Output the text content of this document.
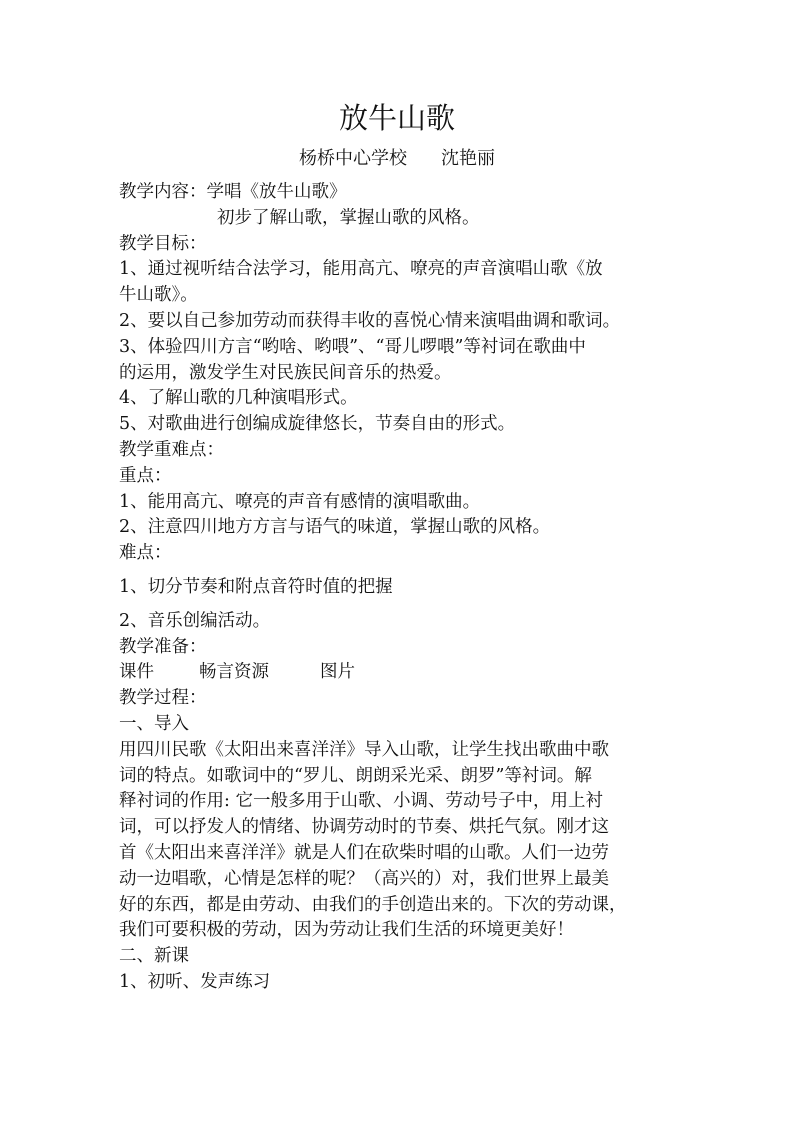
放牛山歌
杨桥中心学校 沈艳丽
教学内容：学唱《放牛山歌》
初步了解山歌，掌握山歌的风格。
教学目标：
1、通过视听结合法学习，能用高亢、嘹亮的声音演唱山歌《放
牛山歌》。
2、要以自己参加劳动而获得丰收的喜悦心情来演唱曲调和歌词。
3、体验四川方言“哟啥、哟喂”、“哥儿啰喂”等衬词在歌曲中
的运用，激发学生对民族民间音乐的热爱。
4、了解山歌的几种演唱形式。
5、对歌曲进行创编成旋律悠长，节奏自由的形式。
教学重难点：
重点：
1、能用高亢、嘹亮的声音有感情的演唱歌曲。
2、注意四川地方方言与语气的味道，掌握山歌的风格。
难点：
1、切分节奏和附点音符时值的把握
2、音乐创编活动。
教学准备：
课件	畅言资源	图片
教学过程：
一、导入
用四川民歌《太阳出来喜洋洋》导入山歌，让学生找出歌曲中歌
词的特点。如歌词中的“罗儿、朗朗采光采、朗罗”等衬词。解
释衬词的作用: 它一般多用于山歌、小调、劳动号子中，用上衬
词，可以抒发人的情绪、协调劳动时的节奏、烘托气氛。刚才这
首《太阳出来喜洋洋》就是人们在砍柴时唱的山歌。人们一边劳
动一边唱歌，心情是怎样的呢？（高兴的）对，我们世界上最美
好的东西，都是由劳动、由我们的手创造出来的。下次的劳动课，
我们可要积极的劳动，因为劳动让我们生活的环境更美好！
二、新课
1、初听、发声练习
